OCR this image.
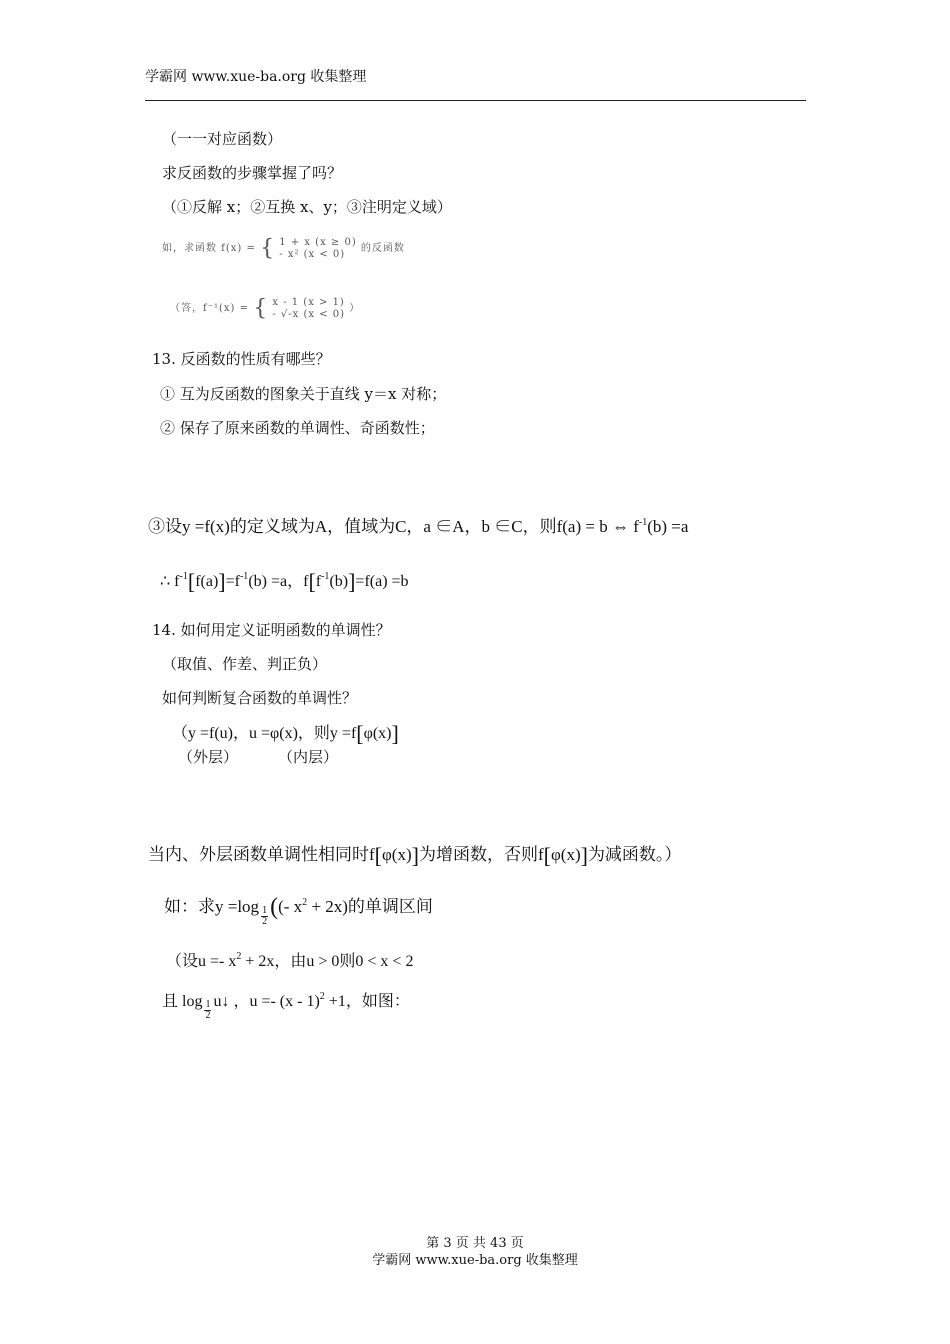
学霸网 www.xue-ba.org 收集整理
（一一对应函数）
求反函数的步骤掌握了吗？
（①反解 x；②互换 x、y；③注明定义域）
如，求函数 f(x) = { 1 + x (x ≥ 0)
- x² (x < 0)	的反函数
（答，f⁻¹(x) = { x - 1 (x > 1)
- √-x (x < 0) ）
13. 反函数的性质有哪些？
① 互为反函数的图象关于直线 y＝x 对称；
② 保存了原来函数的单调性、奇函数性；
③设y =f(x)的定义域为A，值域为C，a ∈A，b ∈C，则f(a) = b ⇔ $f^{-1}(b) =a$
∴ $f^{-1}[f(a)]=f^{-1}(b) =a$，$f[f^{-1}(b)]=f(a) =b$
14. 如何用定义证明函数的单调性？
（取值、作差、判正负）
如何判断复合函数的单调性？
（y =f(u)，u =φ(x)，则y =f[φ(x)]
（外层）	（内层）
当内、外层函数单调性相同时f[φ(x)]为增函数，否则f[φ(x)]为减函数。）
如：求$y =\log \frac{1}{2}$ ((- $x^2 + 2x$)的单调区间
（设$u =- x^2 + 2x$，由u > 0则0 < x < 2
且 $\log \frac{1}{2}$ u↓ ，u =- (x - 1)$^2$ +1，如图：
第 3 页 共 43 页
学霸网 www.xue-ba.org 收集整理
